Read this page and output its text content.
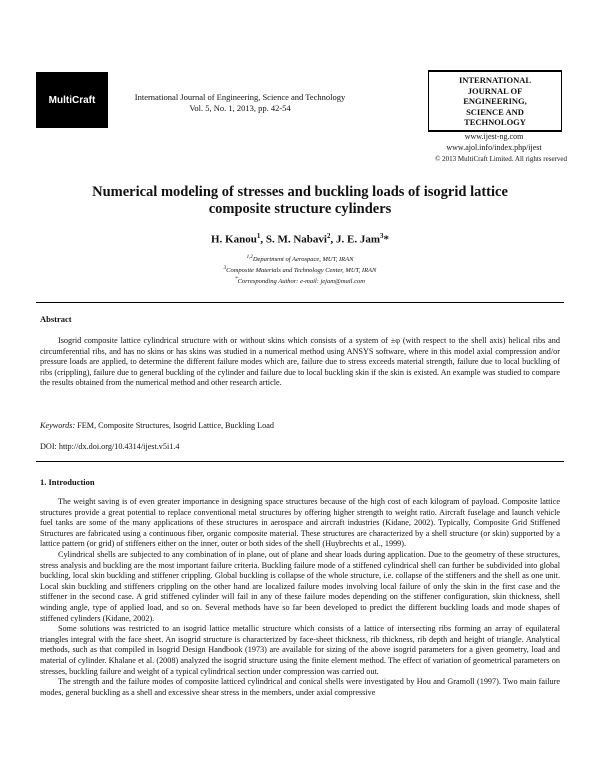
MultiCraft	International Journal of Engineering, Science and Technology
Vol. 5, No. 1, 2013, pp. 42-54
INTERNATIONAL
JOURNAL OF
ENGINEERING,
SCIENCE AND
TECHNOLOGY
www.ijest-ng.com
www.ajol.info/index.php/ijest
© 2013 MultiCraft Limited. All rights reserved
Numerical modeling of stresses and buckling loads of isogrid lattice
composite structure cylinders
H. Kanou$^1$, S. M. Nabavi$^2$, J. E. Jam$^3$*
$^{1,2}$Department of Aerospace, MUT, IRAN
$^3$Composite Materials and Technology Center, MUT, IRAN
*Corresponding Author: e-mail: jejam@mail.com
Abstract

Isogrid composite lattice cylindrical structure with or without skins which consists of a system of ±φ (with respect to the shell axis) helical ribs and circumferential ribs, and has no skins or has skins was studied in a numerical method using ANSYS software, where in this model axial compression and/or pressure loads are applied, to determine the different failure modes which are, failure due to stress exceeds material strength, failure due to local buckling of ribs (crippling), failure due to general buckling of the cylinder and failure due to local buckling skin if the skin is existed. An example was studied to compare the results obtained from the numerical method and other research article.

Keywords: FEM, Composite Structures, Isogrid Lattice, Buckling Load
DOI: http://dx.doi.org/10.4314/ijest.v5i1.4
1. Introduction

The weight saving is of even greater importance in designing space structures because of the high cost of each kilogram of payload. Composite lattice structures provide a great potential to replace conventional metal structures by offering higher strength to weight ratio. Aircraft fuselage and launch vehicle fuel tanks are some of the many applications of these structures in aerospace and aircraft industries (Kidane, 2002). Typically, Composite Grid Stiffened Structures are fabricated using a continuous fiber, organic composite material. These structures are characterized by a shell structure (or skin) supported by a lattice pattern (or grid) of stiffeners either on the inner, outer or both sides of the shell (Huybrechts et al., 1999).

Cylindrical shells are subjected to any combination of in plane, out of plane and shear loads during application. Due to the geometry of these structures, stress analysis and buckling are the most important failure criteria. Buckling failure mode of a stiffened cylindrical shell can further be subdivided into global buckling, local skin buckling and stiffener crippling. Global buckling is collapse of the whole structure, i.e. collapse of the stiffeners and the shell as one unit. Local skin buckling and stiffeners crippling on the other hand are localized failure modes involving local failure of only the skin in the first case and the stiffener in the second case. A grid stiffened cylinder will fail in any of these failure modes depending on the stiffener configuration, skin thickness, shell winding angle, type of applied load, and so on. Several methods have so far been developed to predict the different buckling loads and mode shapes of stiffened cylinders (Kidane, 2002).

Some solutions was restricted to an isogrid lattice metallic structure which consists of a lattice of intersecting ribs forming an array of equilateral triangles integral with the face sheet. An isogrid structure is characterized by face-sheet thickness, rib thickness, rib depth and height of triangle. Analytical methods, such as that compiled in Isogrid Design Handbook (1973) are available for sizing of the above isogrid parameters for a given geometry, load and material of cylinder. Khalane et al. (2008) analyzed the isogrid structure using the finite element method. The effect of variation of geometrical parameters on stresses, buckling failure and weight of a typical cylindrical section under compression was carried out.

The strength and the failure modes of composite latticed cylindrical and conical shells were investigated by Hou and Gramoll (1997). Two main failure modes, general buckling as a shell and excessive shear stress in the members, under axial compressive
